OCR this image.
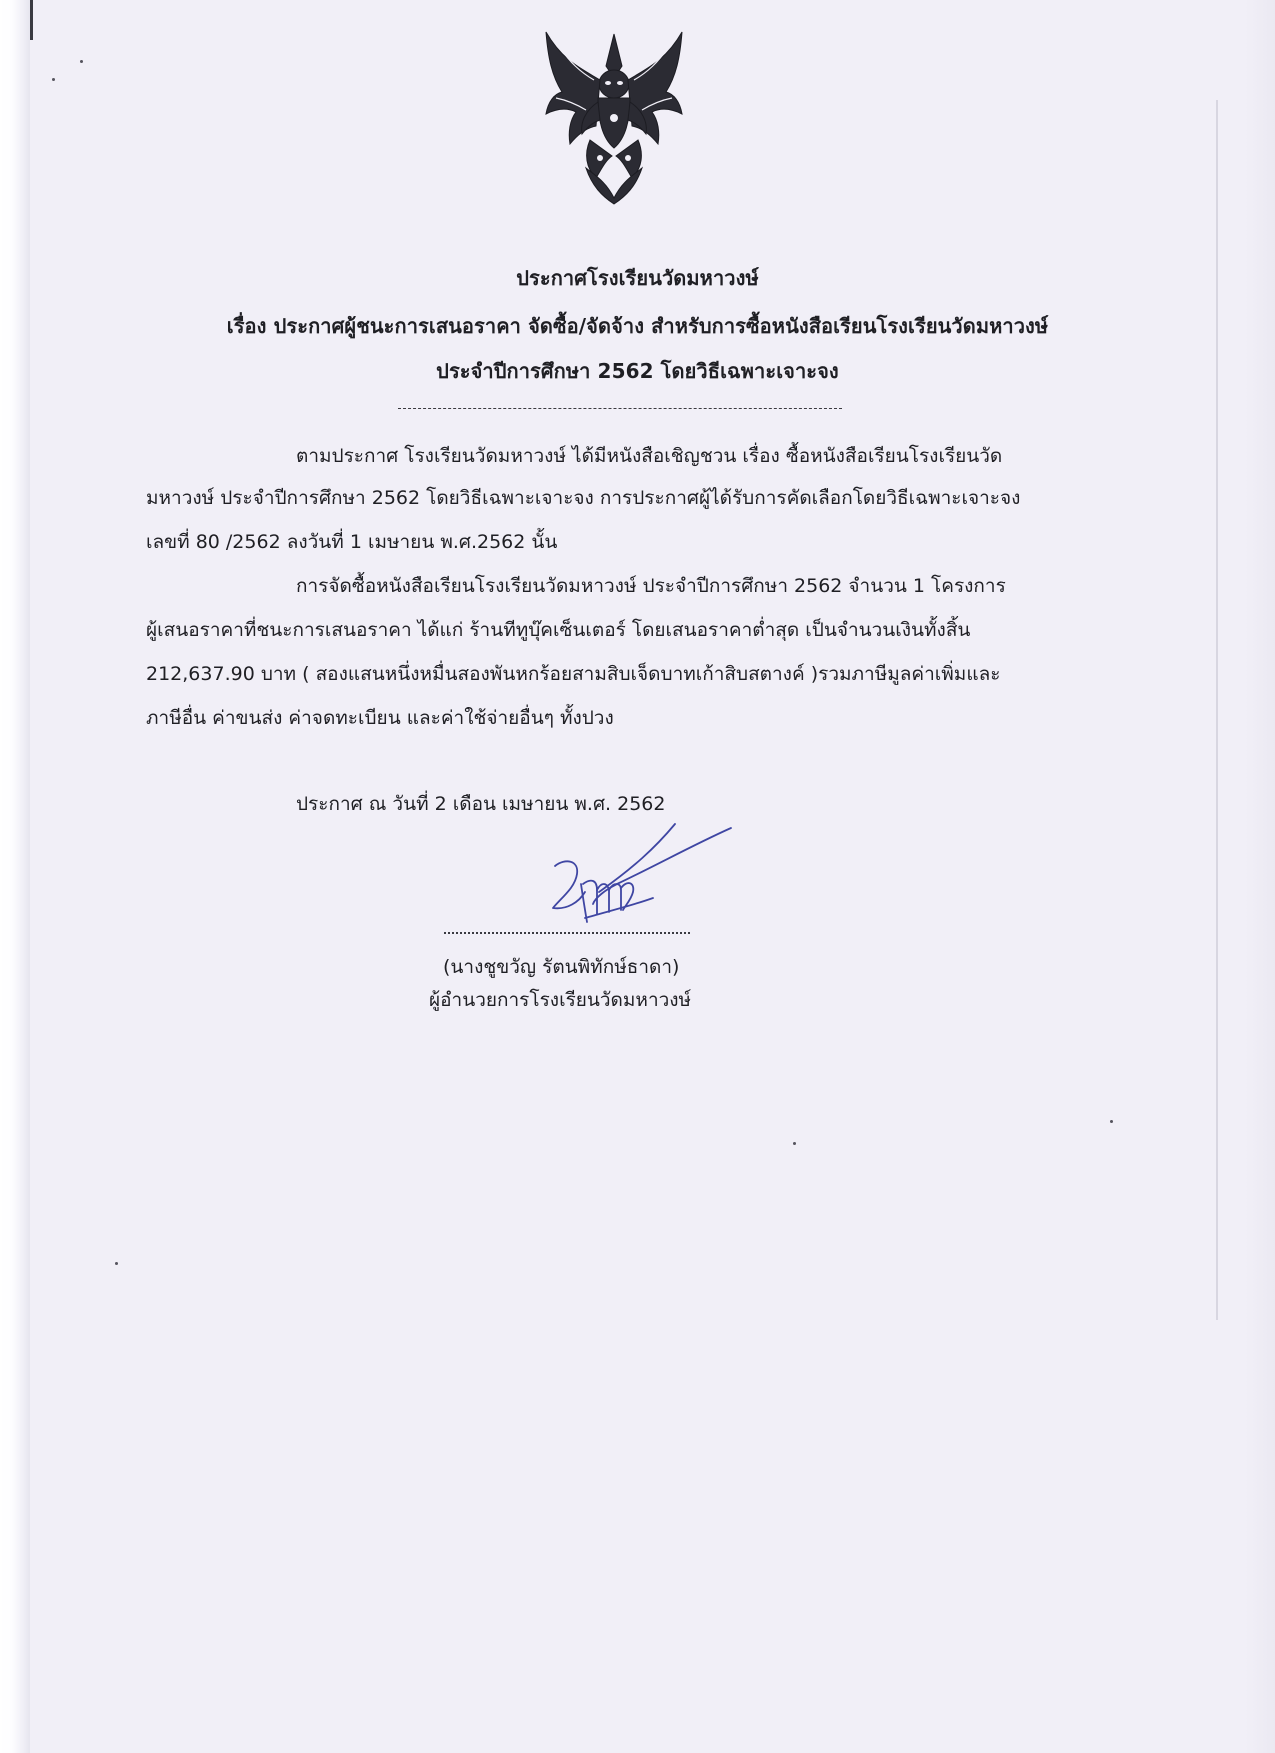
ประกาศโรงเรียนวัดมหาวงษ์
เรื่อง ประกาศผู้ชนะการเสนอราคา จัดซื้อ/จัดจ้าง สำหรับการซื้อหนังสือเรียนโรงเรียนวัดมหาวงษ์
ประจำปีการศึกษา 2562 โดยวิธีเฉพาะเจาะจง
ตามประกาศ โรงเรียนวัดมหาวงษ์ ได้มีหนังสือเชิญชวน เรื่อง ซื้อหนังสือเรียนโรงเรียนวัด
มหาวงษ์ ประจำปีการศึกษา 2562 โดยวิธีเฉพาะเจาะจง การประกาศผู้ได้รับการคัดเลือกโดยวิธีเฉพาะเจาะจง
เลขที่ 80 /2562 ลงวันที่ 1 เมษายน พ.ศ.2562 นั้น
การจัดซื้อหนังสือเรียนโรงเรียนวัดมหาวงษ์ ประจำปีการศึกษา 2562 จำนวน 1 โครงการ
ผู้เสนอราคาที่ชนะการเสนอราคา ได้แก่ ร้านทีทูบุ๊คเซ็นเตอร์ โดยเสนอราคาต่ำสุด เป็นจำนวนเงินทั้งสิ้น
212,637.90 บาท ( สองแสนหนึ่งหมื่นสองพันหกร้อยสามสิบเจ็ดบาทเก้าสิบสตางค์ )รวมภาษีมูลค่าเพิ่มและ
ภาษีอื่น ค่าขนส่ง ค่าจดทะเบียน และค่าใช้จ่ายอื่นๆ ทั้งปวง
ประกาศ ณ วันที่ 2 เดือน เมษายน พ.ศ. 2562
(นางชูขวัญ รัตนพิทักษ์ธาดา)
ผู้อำนวยการโรงเรียนวัดมหาวงษ์
